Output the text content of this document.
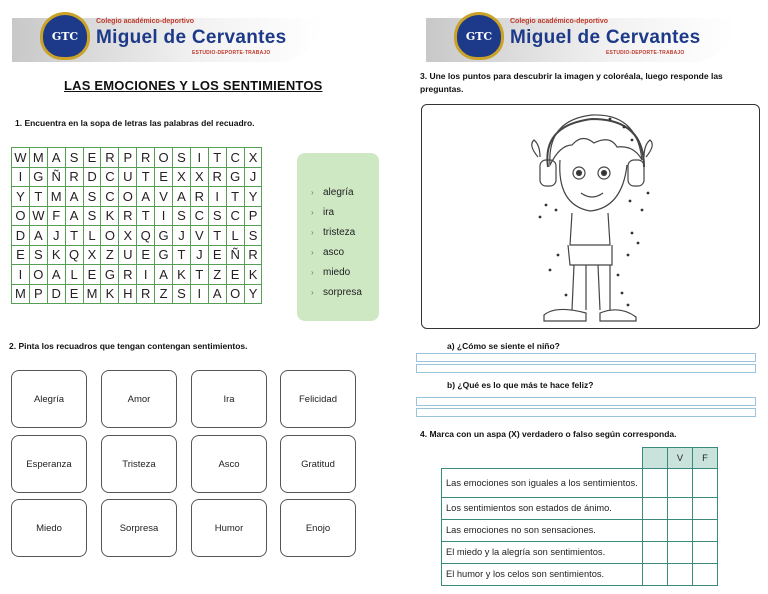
GTC
Colegio académico-deportivo
Miguel de Cervantes
ESTUDIO-DEPORTE-TRABAJO
GTC
Colegio académico-deportivo
Miguel de Cervantes
ESTUDIO-DEPORTE-TRABAJO
LAS EMOCIONES Y LOS SENTIMIENTOS
1. Encuentra en la sopa de letras las palabras del recuadro.
W	M	A	S	E	R	P	R	O	S	I	T	C	X
I	G	Ñ	R	D	C	U	T	E	X	X	R	G	J
Y	T	M	A	S	C	O	A	V	A	R	I	T	Y
O	W	F	A	S	K	R	T	I	S	C	S	C	P
D	A	J	T	L	O	X	Q	G	J	V	T	L	S
E	S	K	Q	X	Z	U	E	G	T	J	E	Ñ	R
I	O	A	L	E	G	R	I	A	K	T	Z	E	K
M	P	D	E	M	K	H	R	Z	S	I	A	O	Y
› alegría
› ira
› tristeza
› asco
› miedo
› sorpresa
2. Pinta los recuadros que tengan contengan sentimientos.
Alegría	Amor	Ira	Felicidad
Esperanza	Tristeza	Asco	Gratitud
Miedo	Sorpresa	Humor	Enojo
3. Une los puntos para descubrir la imagen y coloréala, luego responde las preguntas.
a) ¿Cómo se siente el niño?
b) ¿Qué es lo que más te hace feliz?
4. Marca con un aspa (X) verdadero o falso según corresponda.
		V	F
Las emociones son iguales a los sentimientos.			
Los sentimientos son estados de ánimo.			
Las emociones no son sensaciones.			
El miedo y la alegría son sentimientos.			
El humor y los celos son sentimientos.			
